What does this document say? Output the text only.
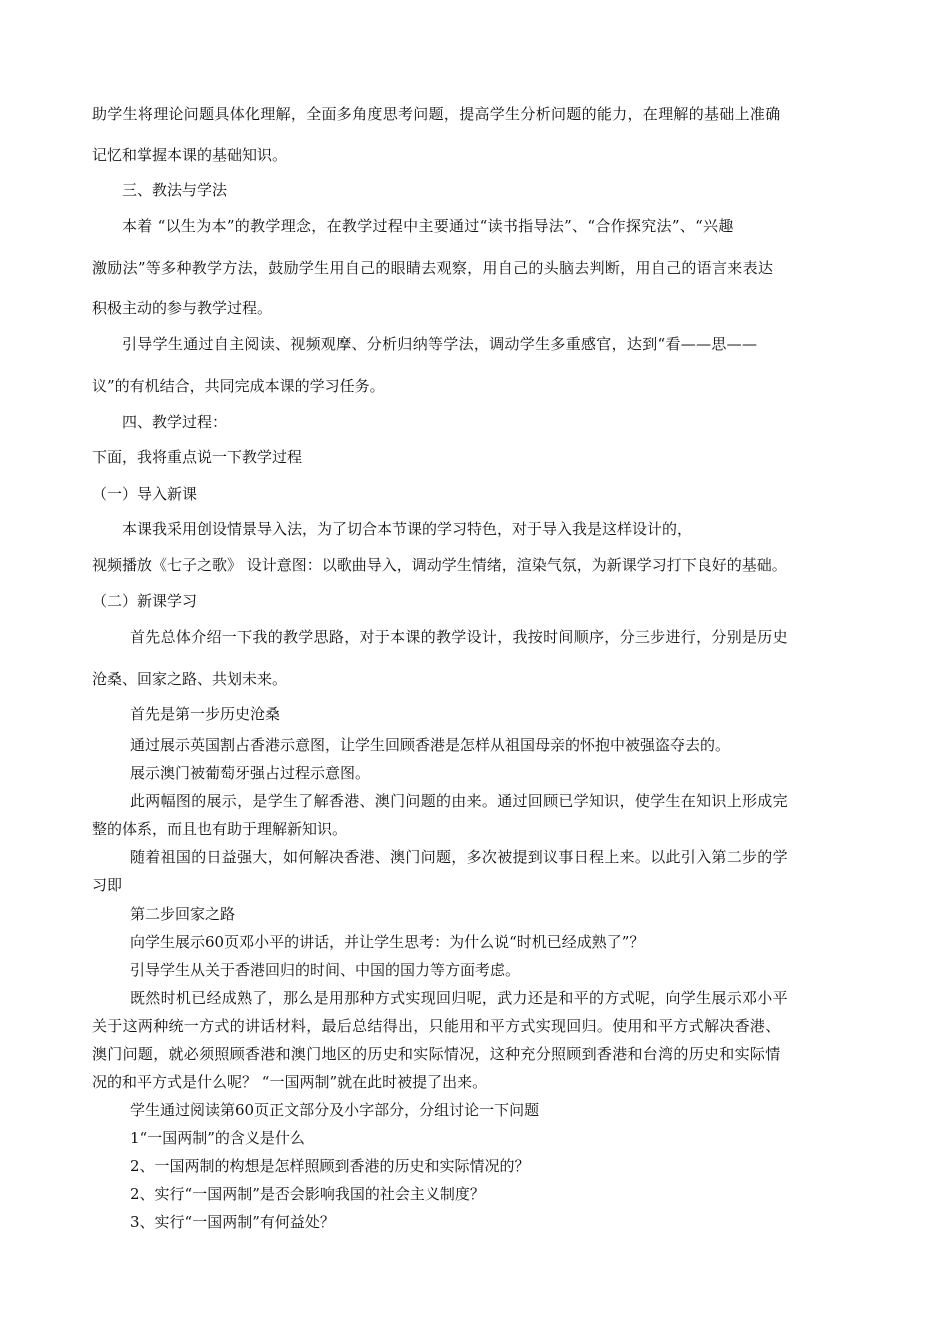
助学生将理论问题具体化理解，全面多角度思考问题，提高学生分析问题的能力，在理解的基础上准确
记忆和掌握本课的基础知识。
三、教法与学法
本着 “以生为本”的教学理念，在教学过程中主要通过“读书指导法”、“合作探究法”、“兴趣
激励法”等多种教学方法，鼓励学生用自己的眼睛去观察，用自己的头脑去判断，用自己的语言来表达
积极主动的参与教学过程。
引导学生通过自主阅读、视频观摩、分析归纳等学法，调动学生多重感官，达到“看——思——
议”的有机结合，共同完成本课的学习任务。
四、教学过程：
下面，我将重点说一下教学过程
（一）导入新课
本课我采用创设情景导入法，为了切合本节课的学习特色，对于导入我是这样设计的，
视频播放《七子之歌》 设计意图：以歌曲导入，调动学生情绪，渲染气氛，为新课学习打下良好的基础。
（二）新课学习
首先总体介绍一下我的教学思路，对于本课的教学设计，我按时间顺序，分三步进行，分别是历史
沧桑、回家之路、共划未来。
首先是第一步历史沧桑
通过展示英国割占香港示意图，让学生回顾香港是怎样从祖国母亲的怀抱中被强盗夺去的。
展示澳门被葡萄牙强占过程示意图。
此两幅图的展示，是学生了解香港、澳门问题的由来。通过回顾已学知识，使学生在知识上形成完
整的体系，而且也有助于理解新知识。
随着祖国的日益强大，如何解决香港、澳门问题，多次被提到议事日程上来。以此引入第二步的学
习即
第二步回家之路
向学生展示60页邓小平的讲话，并让学生思考：为什么说“时机已经成熟了”？
引导学生从关于香港回归的时间、中国的国力等方面考虑。
既然时机已经成熟了，那么是用那种方式实现回归呢，武力还是和平的方式呢，向学生展示邓小平
关于这两种统一方式的讲话材料，最后总结得出，只能用和平方式实现回归。使用和平方式解决香港、
澳门问题，就必须照顾香港和澳门地区的历史和实际情况，这种充分照顾到香港和台湾的历史和实际情
况的和平方式是什么呢？ “一国两制”就在此时被提了出来。
学生通过阅读第60页正文部分及小字部分，分组讨论一下问题
1“一国两制”的含义是什么
2、一国两制的构想是怎样照顾到香港的历史和实际情况的？
2、实行“一国两制”是否会影响我国的社会主义制度？
3、实行“一国两制”有何益处？
